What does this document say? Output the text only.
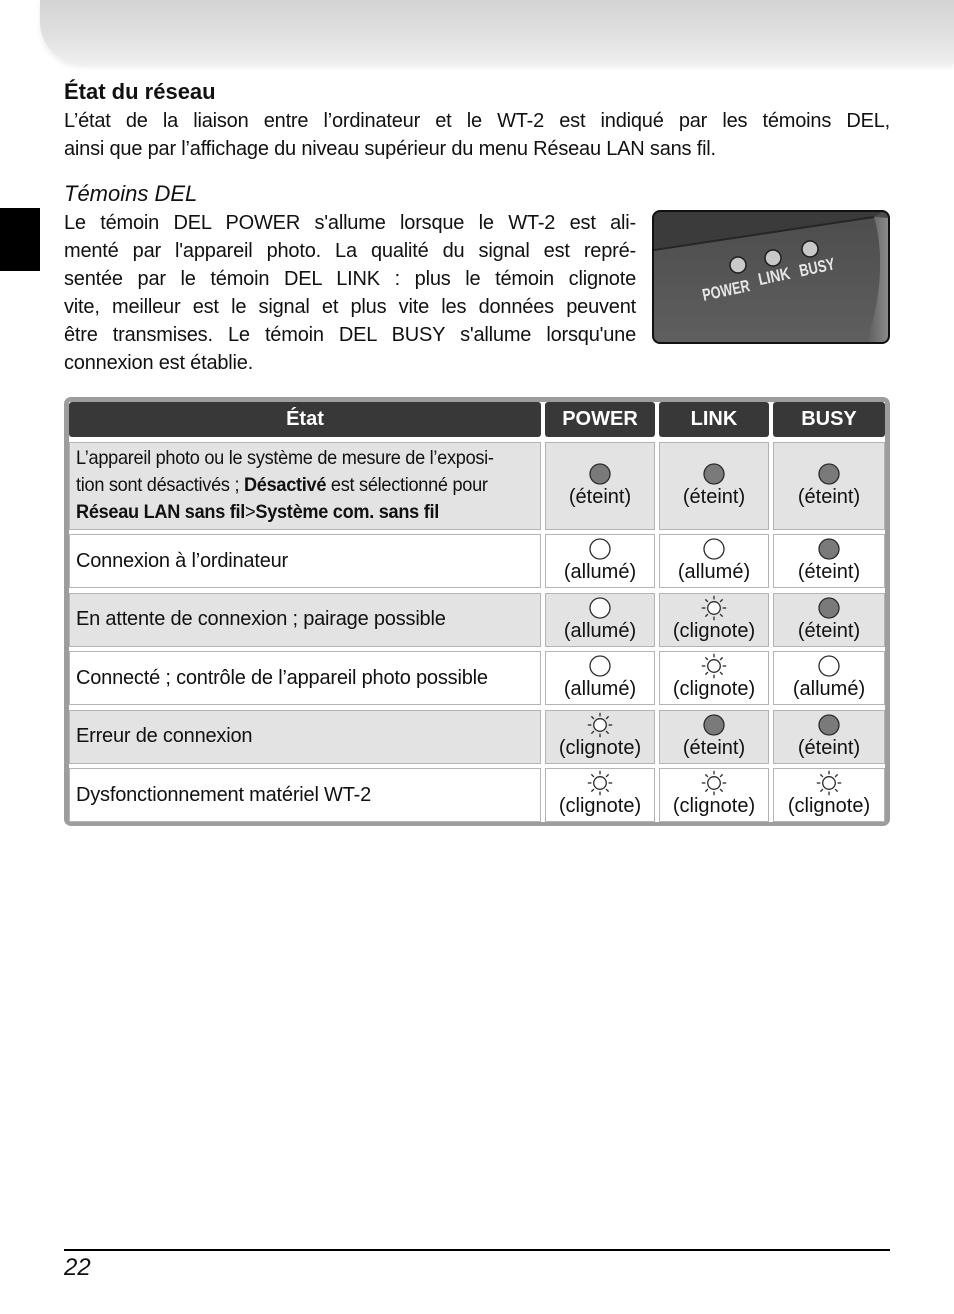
État du réseau
L’état de la liaison entre l’ordinateur et le WT-2 est indiqué par les témoins DEL,
ainsi que par l’affichage du niveau supérieur du menu Réseau LAN sans fil.
Témoins DEL
Le témoin DEL POWER s'allume lorsque le WT-2 est ali-
menté par l'appareil photo. La qualité du signal est repré-
sentée par le témoin DEL LINK : plus le témoin clignote
vite, meilleur est le signal et plus vite les données peuvent
être transmises. Le témoin DEL BUSY s'allume lorsqu'une
connexion est établie.
POWER
LINK
BUSY
État	POWER	LINK	BUSY
L’appareil photo ou le système de mesure de l’exposi-
tion sont désactivés ; Désactivé est sélectionné pour
Réseau LAN sans fil>Système com. sans fil
(éteint)	(éteint)	(éteint)
Connexion à l’ordinateur
(allumé) (allumé) (éteint)
En attente de connexion ; pairage possible
(allumé) (clignote) (éteint)
Connecté ; contrôle de l’appareil photo possible
(allumé) (clignote) (allumé)
Erreur de connexion
(clignote) (éteint)	(éteint)
Dysfonctionnement matériel WT-2
(clignote) (clignote) (clignote)
22
